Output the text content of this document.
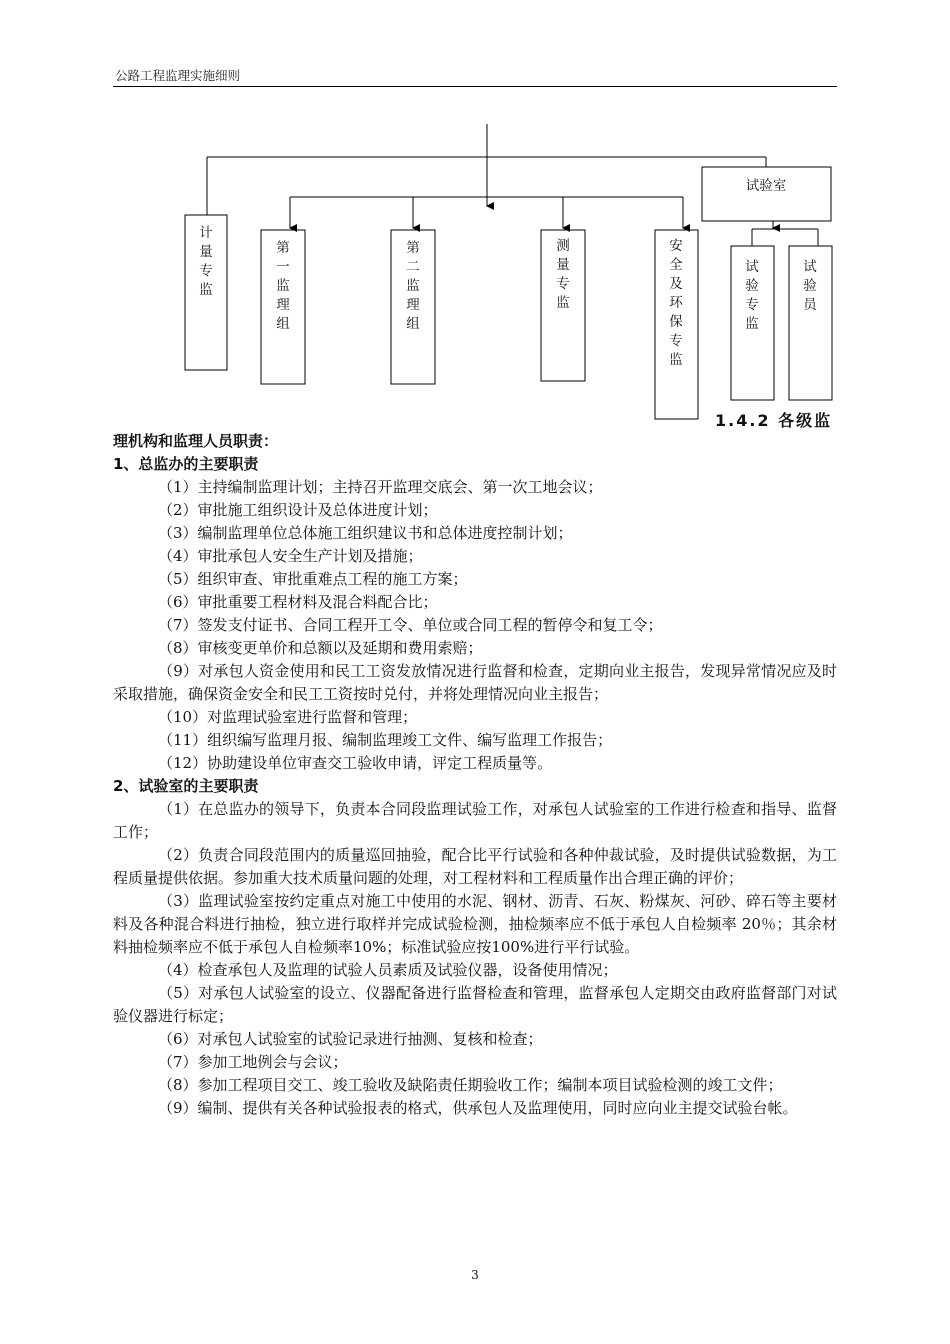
公路工程监理实施细则
计量专监
第一监理组
第二监理组
测量专监
安全及环保专监
试验专监
试验员
试验室
1.4.2 各级监

理机构和监理人员职责：

1、总监办的主要职责

（1）主持编制监理计划；主持召开监理交底会、第一次工地会议；

（2）审批施工组织设计及总体进度计划；

（3）编制监理单位总体施工组织建议书和总体进度控制计划；

（4）审批承包人安全生产计划及措施；

（5）组织审查、审批重难点工程的施工方案；

（6）审批重要工程材料及混合料配合比；

（7）签发支付证书、合同工程开工令、单位或合同工程的暂停令和复工令；

（8）审核变更单价和总额以及延期和费用索赔；

（9）对承包人资金使用和民工工资发放情况进行监督和检查，定期向业主报告，发现异常情况应及时采取措施，确保资金安全和民工工资按时兑付，并将处理情况向业主报告；

（10）对监理试验室进行监督和管理；

（11）组织编写监理月报、编制监理竣工文件、编写监理工作报告；

（12）协助建设单位审查交工验收申请，评定工程质量等。

2、试验室的主要职责

（1）在总监办的领导下，负责本合同段监理试验工作，对承包人试验室的工作进行检查和指导、监督工作；

（2）负责合同段范围内的质量巡回抽验，配合比平行试验和各种仲裁试验，及时提供试验数据，为工程质量提供依据。参加重大技术质量问题的处理，对工程材料和工程质量作出合理正确的评价；

（3）监理试验室按约定重点对施工中使用的水泥、钢材、沥青、石灰、粉煤灰、河砂、碎石等主要材料及各种混合料进行抽检，独立进行取样并完成试验检测，抽检频率应不低于承包人自检频率 20％；其余材料抽检频率应不低于承包人自检频率10%；标准试验应按100%进行平行试验。

（4）检查承包人及监理的试验人员素质及试验仪器，设备使用情况；

（5）对承包人试验室的设立、仪器配备进行监督检查和管理，监督承包人定期交由政府监督部门对试验仪器进行标定；

（6）对承包人试验室的试验记录进行抽测、复核和检查；

（7）参加工地例会与会议；

（8）参加工程项目交工、竣工验收及缺陷责任期验收工作；编制本项目试验检测的竣工文件；

（9）编制、提供有关各种试验报表的格式，供承包人及监理使用，同时应向业主提交试验台帐。

3
